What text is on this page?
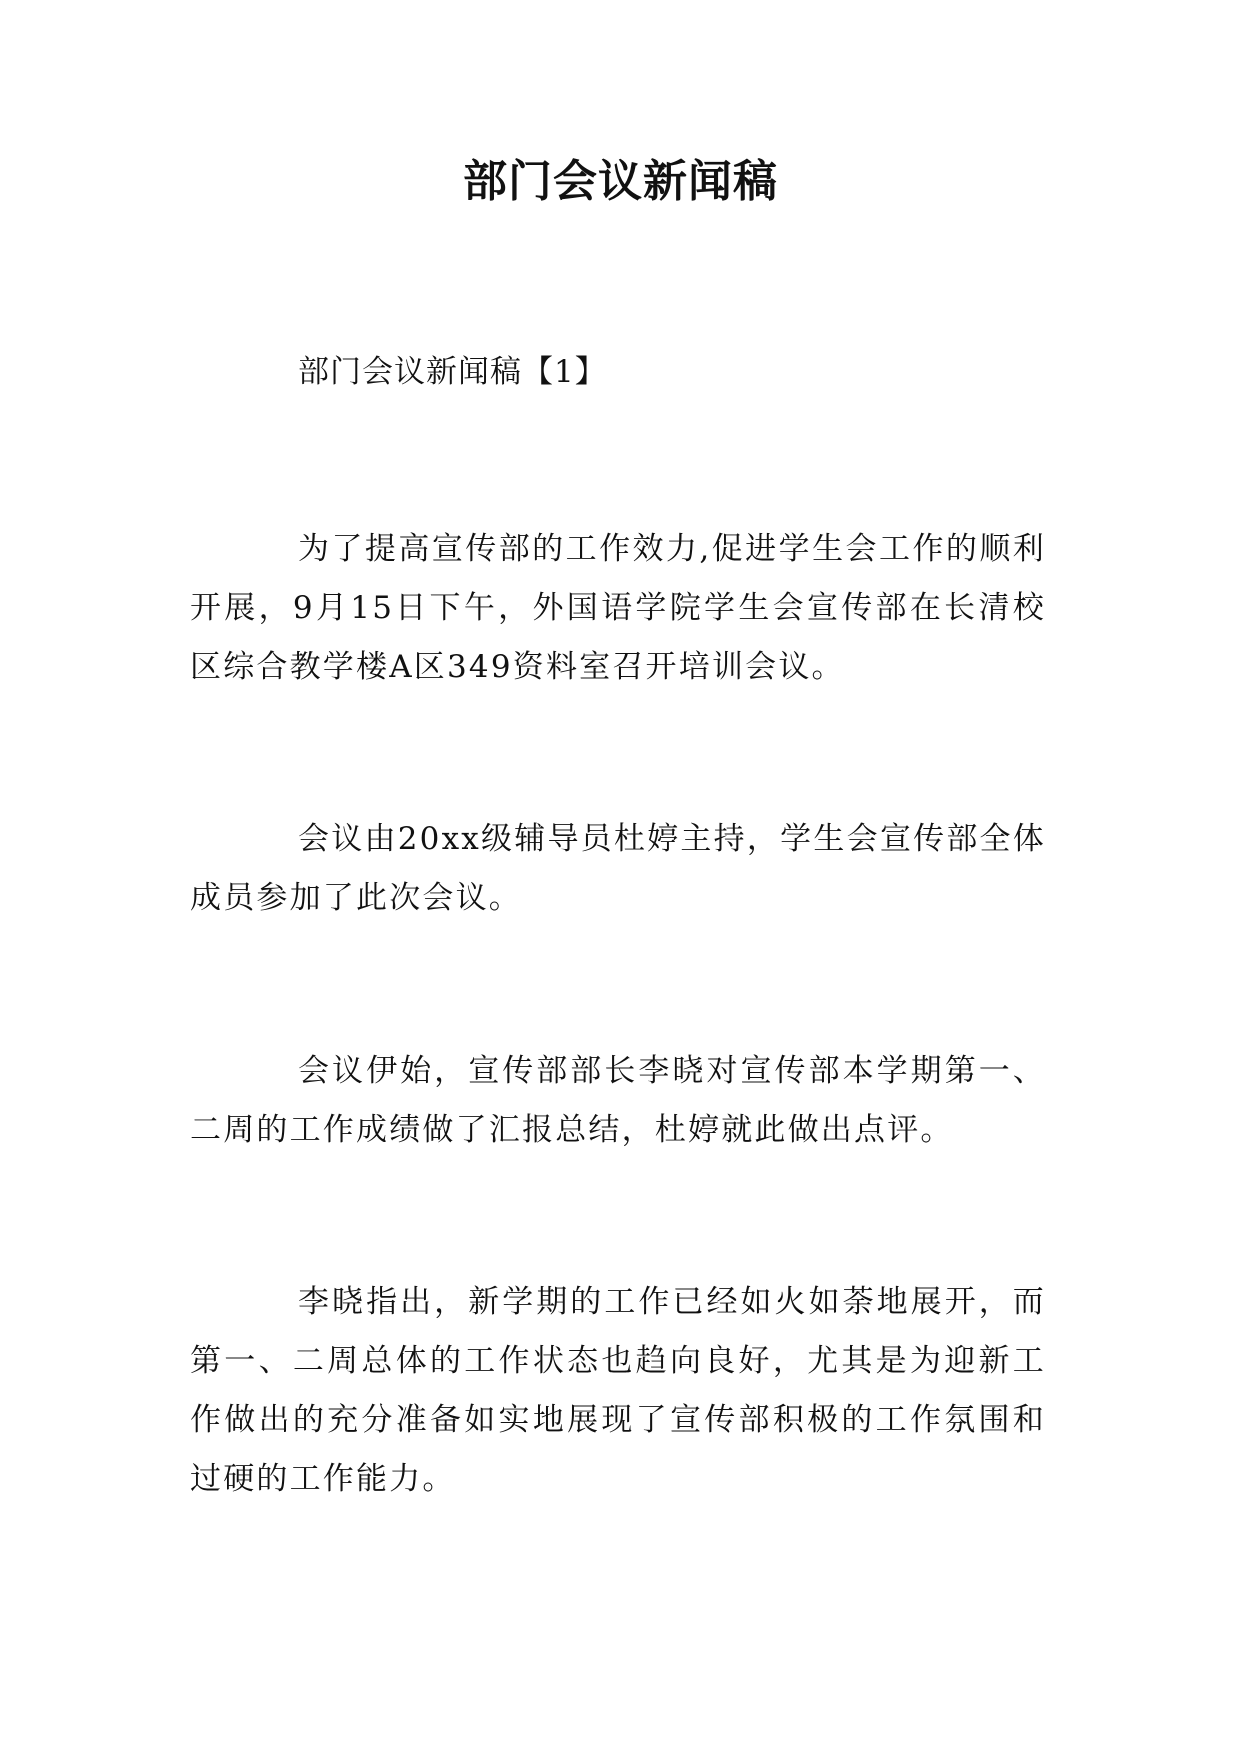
部门会议新闻稿
部门会议新闻稿【1】

为了提高宣传部的工作效力,促进学生会工作的顺利开展，9月15日下午，外国语学院学生会宣传部在长清校区综合教学楼A区349资料室召开培训会议。

会议由20xx级辅导员杜婷主持，学生会宣传部全体成员参加了此次会议。

会议伊始，宣传部部长李晓对宣传部本学期第一、二周的工作成绩做了汇报总结，杜婷就此做出点评。

李晓指出，新学期的工作已经如火如荼地展开，而第一、二周总体的工作状态也趋向良好，尤其是为迎新工作做出的充分准备如实地展现了宣传部积极的工作氛围和过硬的工作能力。
